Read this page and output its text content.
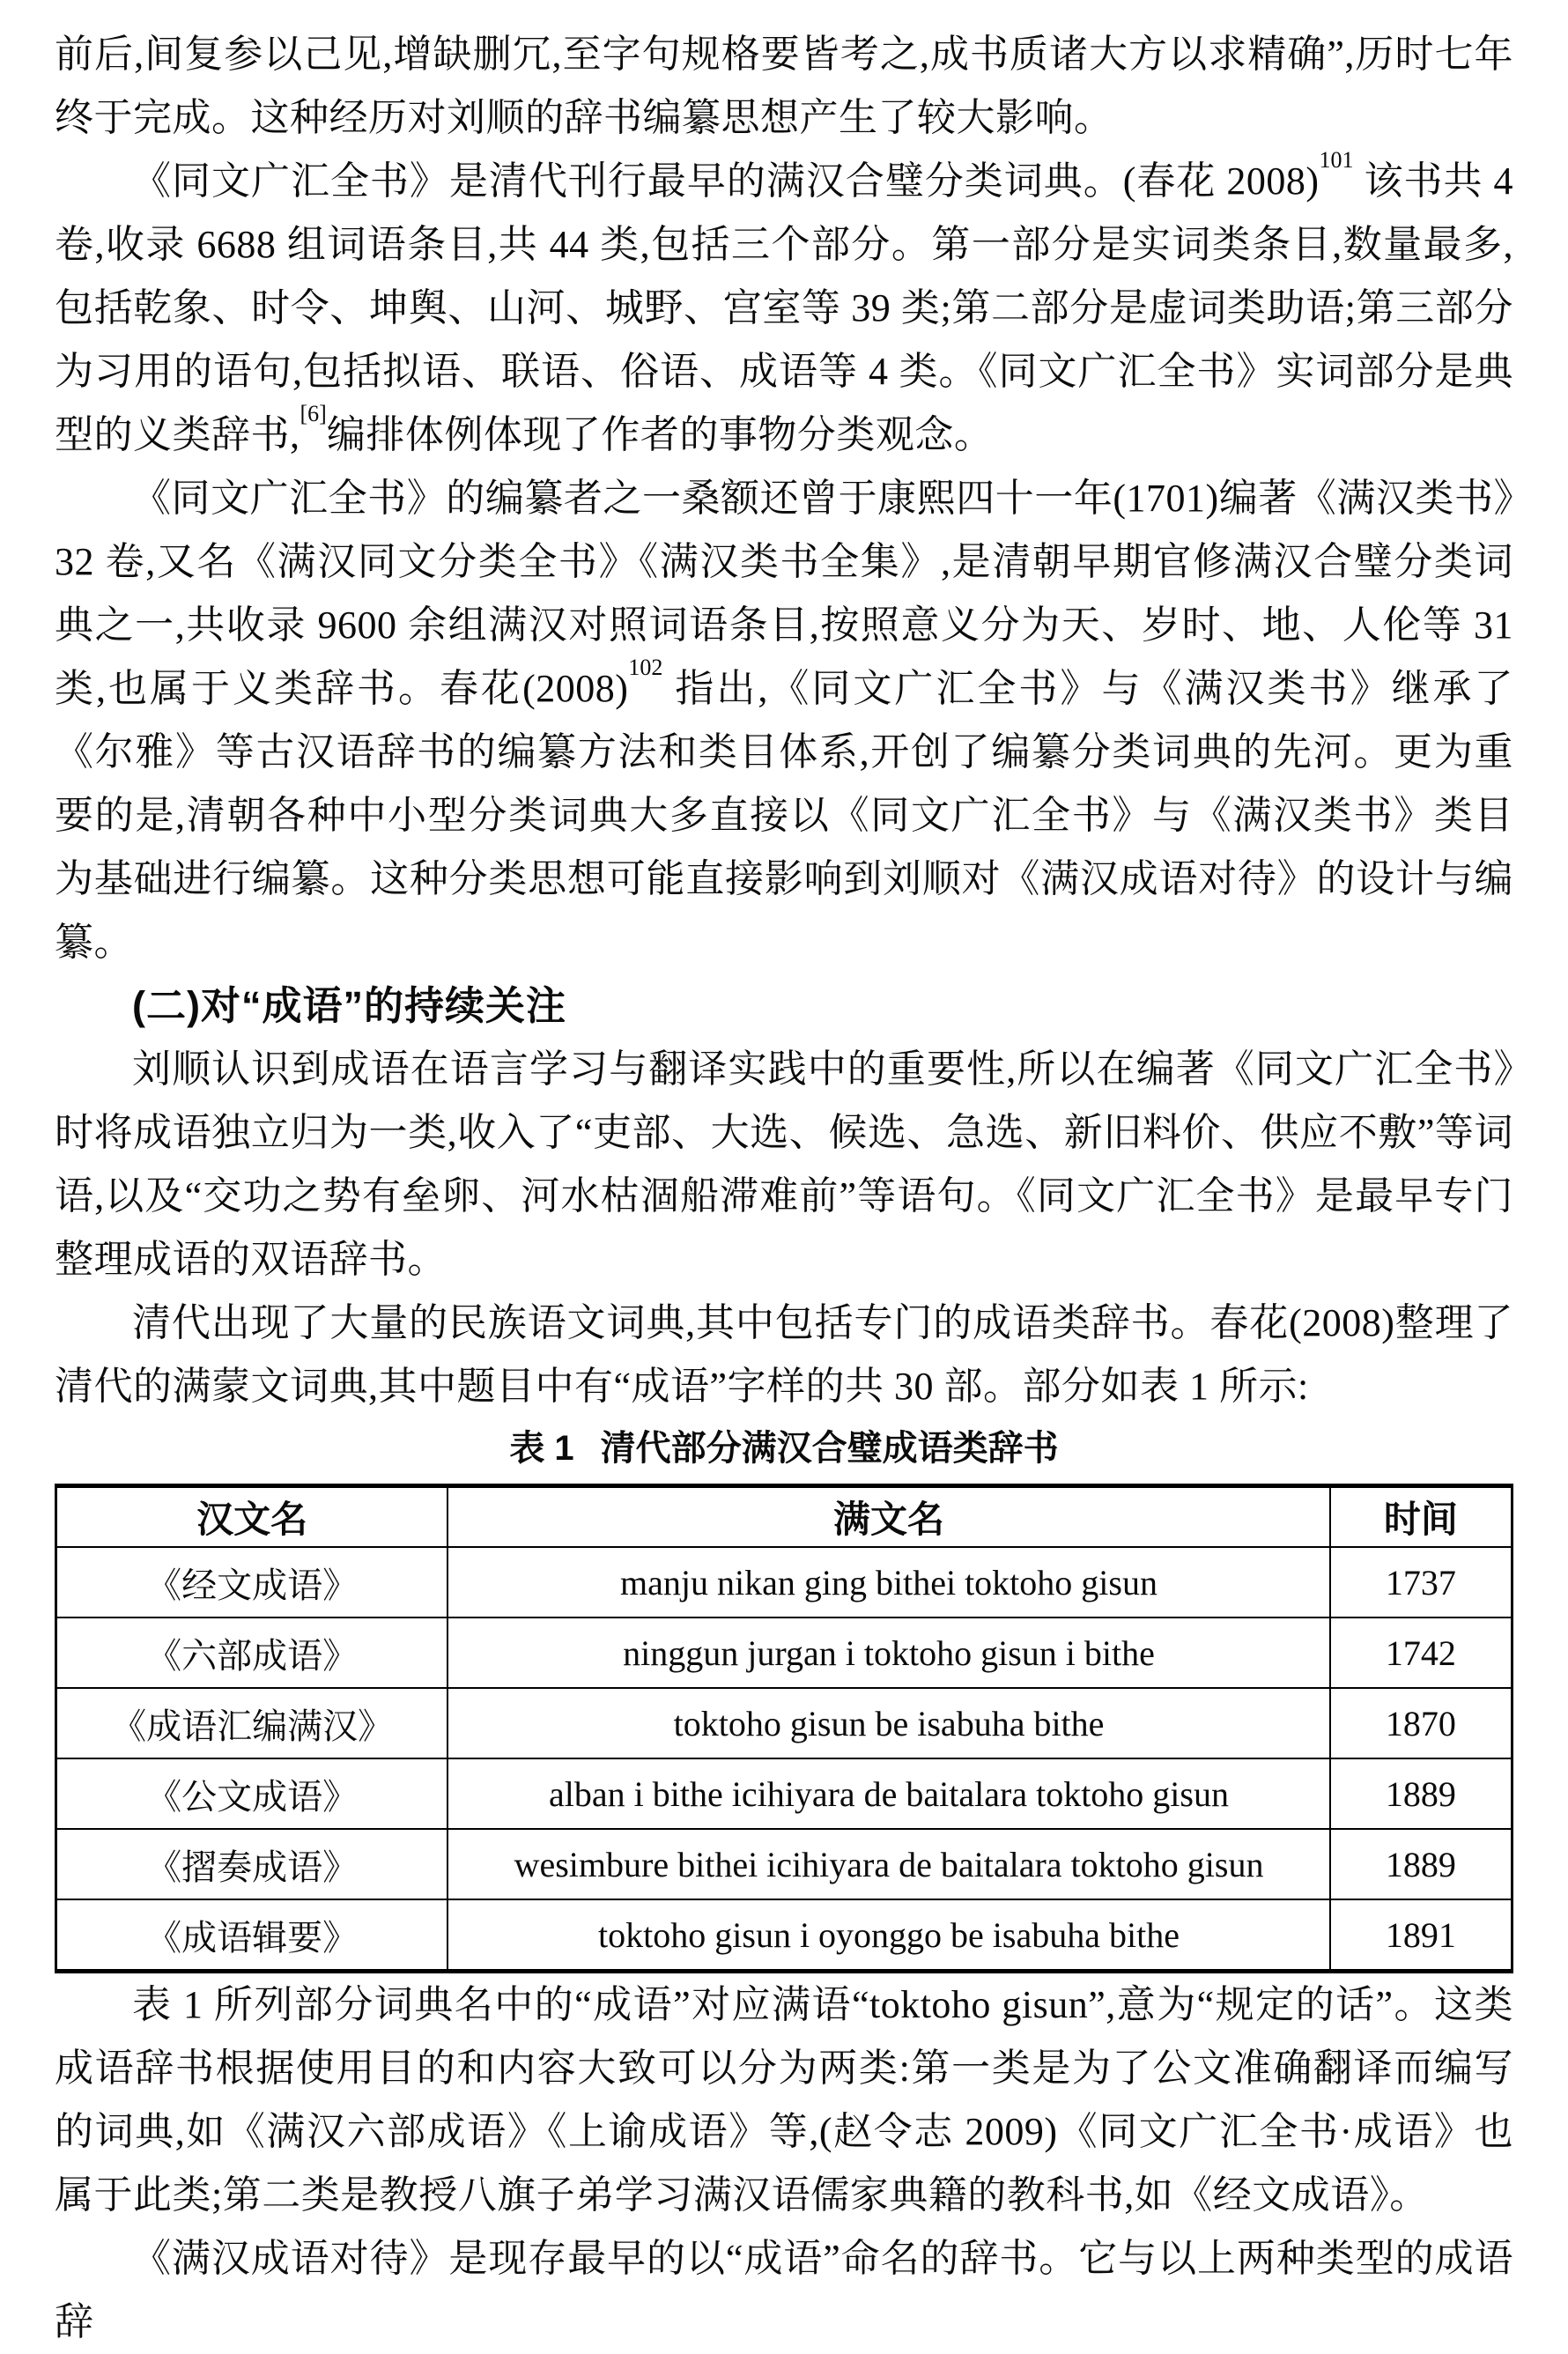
前后,间复参以己见,增缺删冗,至字句规格要皆考之,成书质诸大方以求精确”,历时七年终于完成。这种经历对刘顺的辞书编纂思想产生了较大影响。

《同文广汇全书》是清代刊行最早的满汉合璧分类词典。(春花 2008)$^{101}$ 该书共 4 卷,收录 6688 组词语条目,共 44 类,包括三个部分。第一部分是实词类条目,数量最多,包括乾象、时令、坤舆、山河、城野、宫室等 39 类;第二部分是虚词类助语;第三部分为习用的语句,包括拟语、联语、俗语、成语等 4 类。《同文广汇全书》实词部分是典型的义类辞书,[6]编排体例体现了作者的事物分类观念。

《同文广汇全书》的编纂者之一桑额还曾于康熙四十一年(1701)编著《满汉类书》32 卷,又名《满汉同文分类全书》《满汉类书全集》,是清朝早期官修满汉合璧分类词典之一,共收录 9600 余组满汉对照词语条目,按照意义分为天、岁时、地、人伦等 31 类,也属于义类辞书。春花(2008)$^{102}$ 指出,《同文广汇全书》与《满汉类书》继承了《尔雅》等古汉语辞书的编纂方法和类目体系,开创了编纂分类词典的先河。更为重要的是,清朝各种中小型分类词典大多直接以《同文广汇全书》与《满汉类书》类目为基础进行编纂。这种分类思想可能直接影响到刘顺对《满汉成语对待》的设计与编纂。

(二)对“成语”的持续关注

刘顺认识到成语在语言学习与翻译实践中的重要性,所以在编著《同文广汇全书》时将成语独立归为一类,收入了“吏部、大选、候选、急选、新旧料价、供应不敷”等词语,以及“交功之势有垒卵、河水枯涸船滞难前”等语句。《同文广汇全书》是最早专门整理成语的双语辞书。

清代出现了大量的民族语文词典,其中包括专门的成语类辞书。春花(2008)整理了清代的满蒙文词典,其中题目中有“成语”字样的共 30 部。部分如表 1 所示:

表 1 清代部分满汉合璧成语类辞书
汉文名	满文名	时间
《经文成语》	manju nikan ging bithei toktoho gisun	1737
《六部成语》	ninggun jurgan i toktoho gisun i bithe	1742
《成语汇编满汉》	toktoho gisun be isabuha bithe	1870
《公文成语》	alban i bithe icihiyara de baitalara toktoho gisun	1889
《摺奏成语》	wesimbure bithei icihiyara de baitalara toktoho gisun	1889
《成语辑要》	toktoho gisun i oyonggo be isabuha bithe	1891

表 1 所列部分词典名中的“成语”对应满语“toktoho gisun”,意为“规定的话”。这类成语辞书根据使用目的和内容大致可以分为两类:第一类是为了公文准确翻译而编写的词典,如《满汉六部成语》《上谕成语》等,(赵令志 2009)《同文广汇全书·成语》也属于此类;第二类是教授八旗子弟学习满汉语儒家典籍的教科书,如《经文成语》。

《满汉成语对待》是现存最早的以“成语”命名的辞书。它与以上两种类型的成语辞
